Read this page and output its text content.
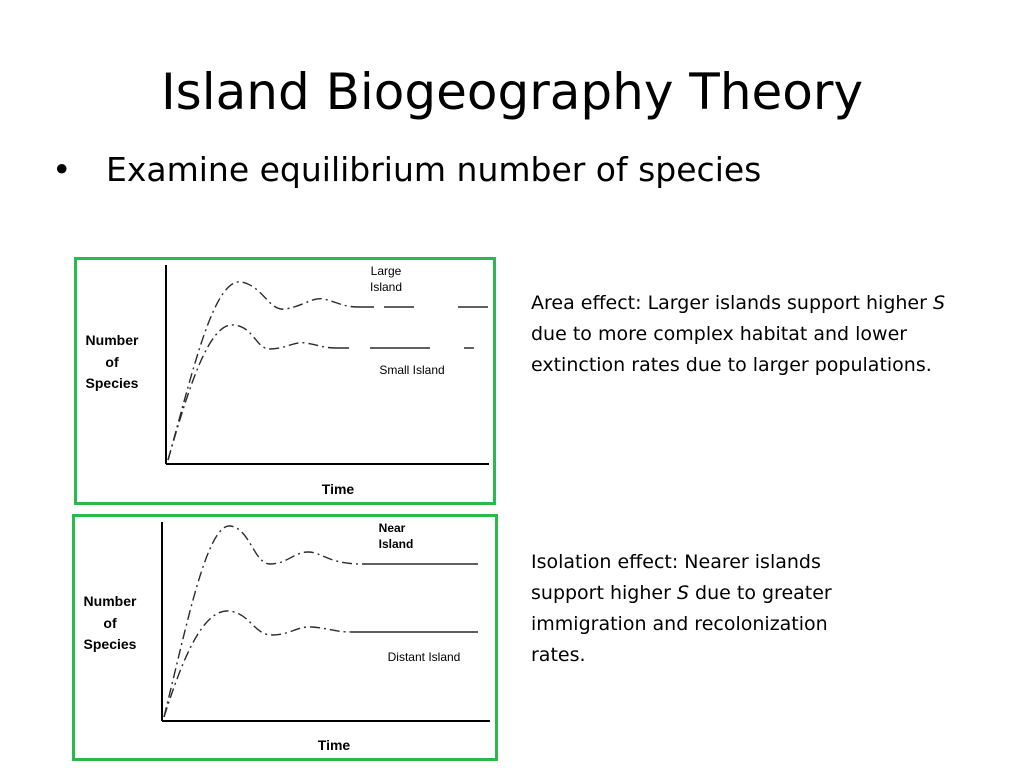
Island Biogeography Theory
•	Examine equilibrium number of species
Number
of
Species
Time
Large
Island
Small Island
Number
of
Species
Time
Near
Island
Distant Island
Area effect: Larger islands support higher S due to more complex habitat and lower extinction rates due to larger populations.
Isolation effect: Nearer islands support higher S due to greater immigration and recolonization rates.
